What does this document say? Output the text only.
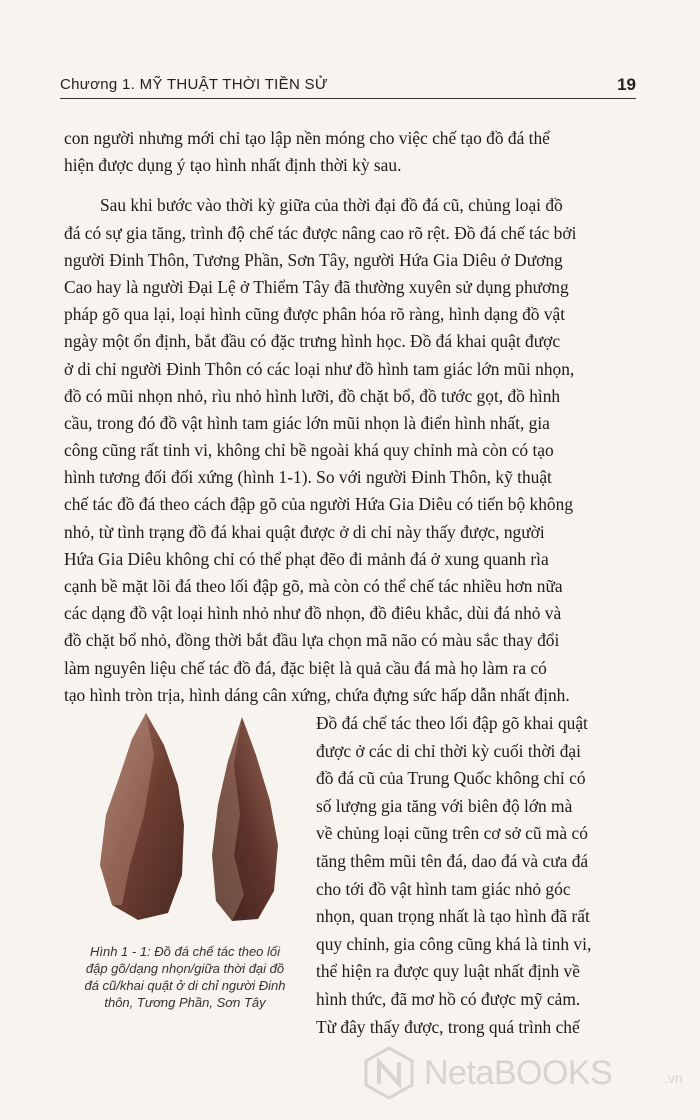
Chương 1. MỸ THUẬT THỜI TIỀN SỬ	19

con người nhưng mới chỉ tạo lập nền móng cho việc chế tạo đồ đá thể
hiện được dụng ý tạo hình nhất định thời kỳ sau.

Sau khi bước vào thời kỳ giữa của thời đại đồ đá cũ, chủng loại đồ
đá có sự gia tăng, trình độ chế tác được nâng cao rõ rệt. Đồ đá chế tác bởi
người Đinh Thôn, Tương Phần, Sơn Tây, người Hứa Gia Diêu ở Dương
Cao hay là người Đại Lệ ở Thiểm Tây đã thường xuyên sử dụng phương
pháp gõ qua lại, loại hình cũng được phân hóa rõ ràng, hình dạng đồ vật
ngày một ổn định, bắt đầu có đặc trưng hình học. Đồ đá khai quật được
ở di chỉ người Đinh Thôn có các loại như đồ hình tam giác lớn mũi nhọn,
đồ có mũi nhọn nhỏ, rìu nhỏ hình lưỡi, đồ chặt bổ, đồ tước gọt, đồ hình
cầu, trong đó đồ vật hình tam giác lớn mũi nhọn là điển hình nhất, gia
công cũng rất tinh vi, không chỉ bề ngoài khá quy chỉnh mà còn có tạo
hình tương đối đối xứng (hình 1-1). So với người Đinh Thôn, kỹ thuật
chế tác đồ đá theo cách đập gõ của người Hứa Gia Diêu có tiến bộ không
nhỏ, từ tình trạng đồ đá khai quật được ở di chỉ này thấy được, người
Hứa Gia Diêu không chỉ có thể phạt đẽo đi mảnh đá ở xung quanh rìa
cạnh bề mặt lõi đá theo lối đập gõ, mà còn có thể chế tác nhiều hơn nữa
các dạng đồ vật loại hình nhỏ như đồ nhọn, đồ điêu khắc, dùi đá nhỏ và
đồ chặt bổ nhỏ, đồng thời bắt đầu lựa chọn mã não có màu sắc thay đổi
làm nguyên liệu chế tác đồ đá, đặc biệt là quả cầu đá mà họ làm ra có
tạo hình tròn trịa, hình dáng cân xứng, chứa đựng sức hấp dẫn nhất định.

Hình 1 - 1: Đồ đá chế tác theo lối
đập gõ/dạng nhọn/giữa thời đại đồ
đá cũ/khai quật ở di chỉ người Đinh
thôn, Tương Phần, Sơn Tây
Đồ đá chế tác theo lối đập gõ khai quật
được ở các di chỉ thời kỳ cuối thời đại
đồ đá cũ của Trung Quốc không chỉ có
số lượng gia tăng với biên độ lớn mà
về chủng loại cũng trên cơ sở cũ mà có
tăng thêm mũi tên đá, dao đá và cưa đá
cho tới đồ vật hình tam giác nhỏ góc
nhọn, quan trọng nhất là tạo hình đã rất
quy chỉnh, gia công cũng khá là tinh vi,
thể hiện ra được quy luật nhất định về
hình thức, đã mơ hồ có được mỹ cảm.
Từ đây thấy được, trong quá trình chế
NetaBOOKS	.vn
